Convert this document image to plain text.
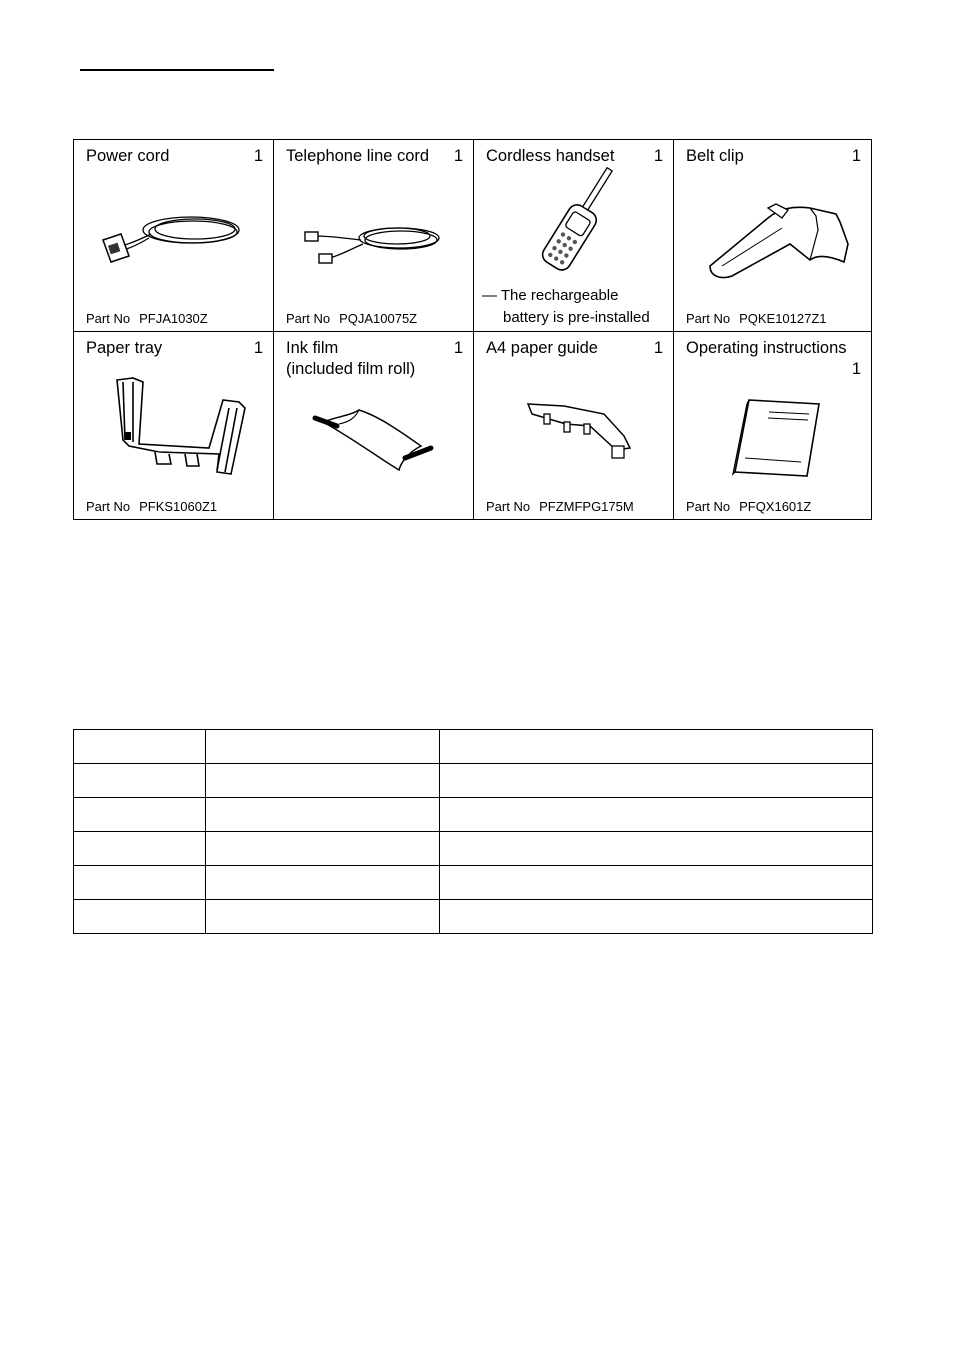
Power cord	1
Part No PFJA1030Z
Telephone line cord 1
Part No PQJA10075Z
Cordless handset 1
— The rechargeable
battery is pre-installed
Belt clip	1
Part No PQKE10127Z1
Paper tray	1
Part No PFKS1060Z1
Ink film
(included film roll)
1 A4 paper guide	1
Part No PFZMFPG175M
Operating instructions
1
Part No PFQX1601Z
